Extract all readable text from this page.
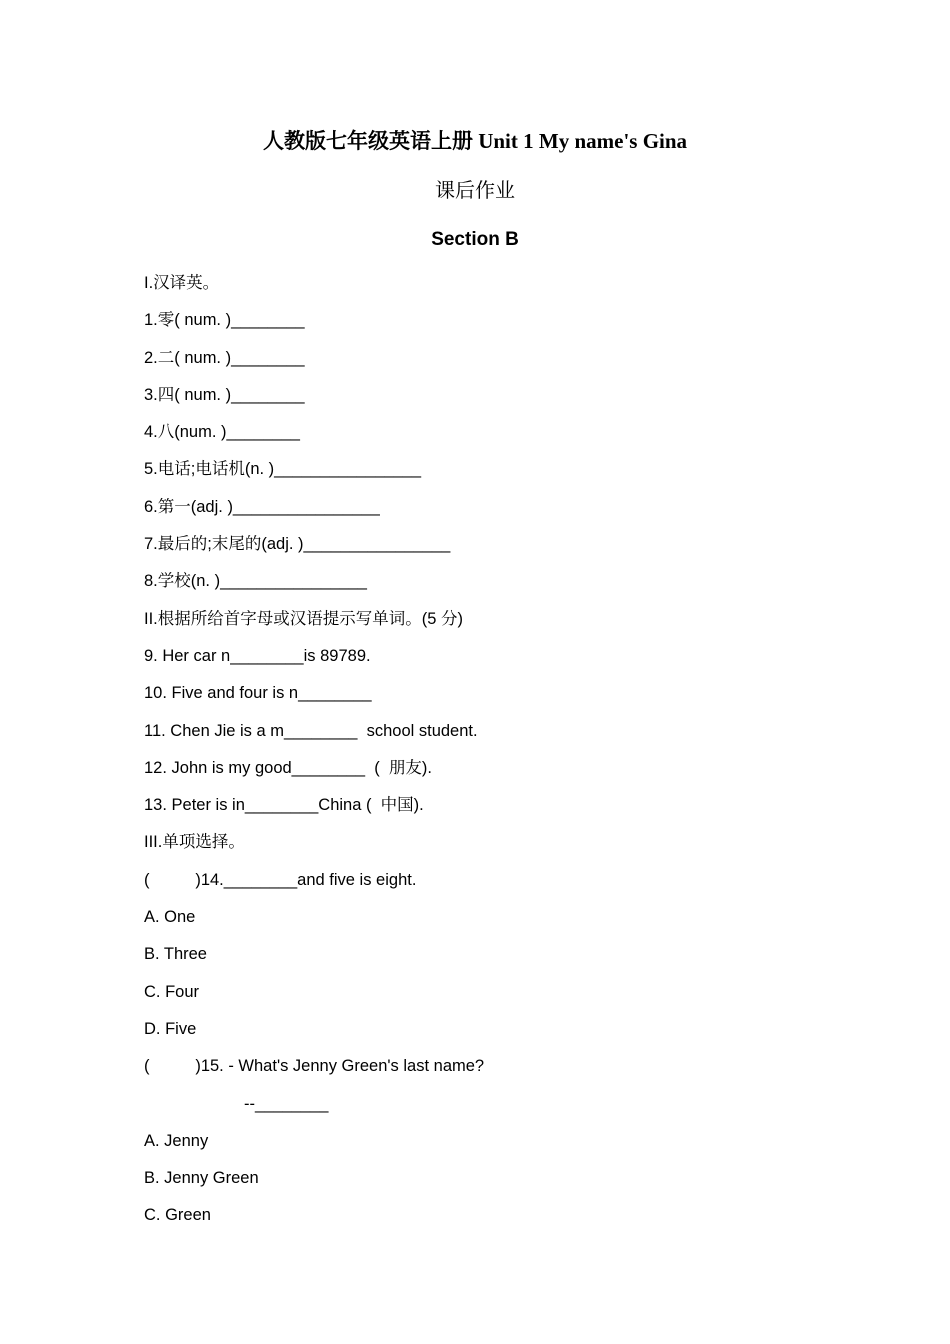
人教版七年级英语上册 Unit 1 My name's Gina
课后作业
Section B
I.汉译英。
1.零( num. )________
2.二( num. )________
3.四( num. )________
4.八(num. )________
5.电话;电话机(n. )________________
6.第一(adj. )________________
7.最后的;末尾的(adj. )________________
8.学校(n. )________________
II.根据所给首字母或汉语提示写单词。(5 分)
9. Her car n________is 89789.
10. Five and four is n________
11. Chen Jie is a m________  school student.
12. John is my good________  (  朋友).
13. Peter is in________China (  中国).
III.单项选择。
(          )14.________and five is eight.
A. One
B. Three
C. Four
D. Five
(          )15. - What's Jenny Green's last name?
--________
A. Jenny
B. Jenny Green
C. Green
